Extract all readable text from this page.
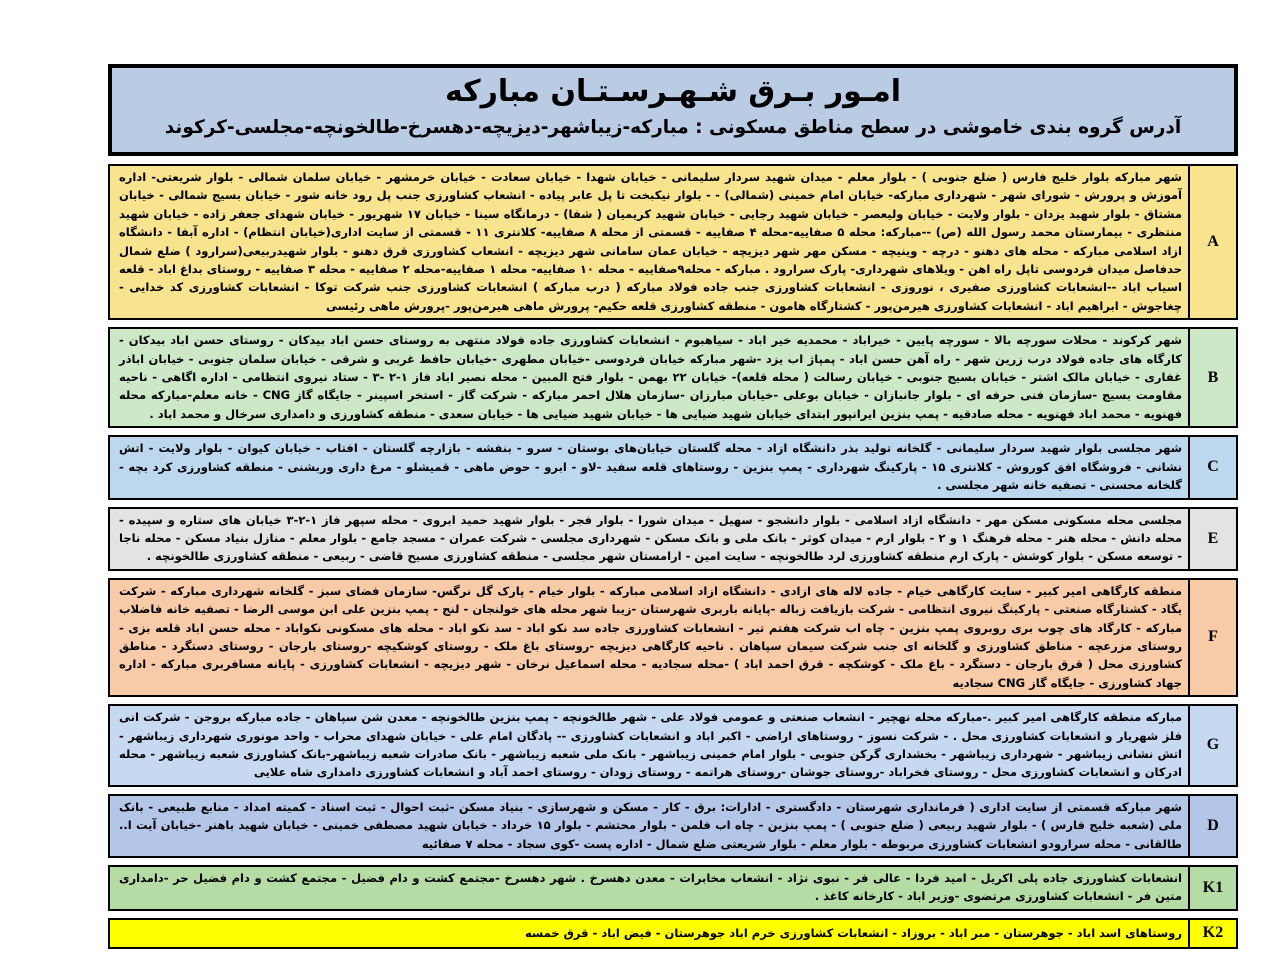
امـور بـرق شـهـرسـتـان مبارکه
آدرس گروه بندی خاموشی در سطح مناطق مسکونی : مبارکه-زیباشهر-دیزیچه-دهسرخ-طالخونچه-مجلسی-کرکوند
A
شهر مبارکه بلوار خلیج فارس ( ضلع جنوبی ) - بلوار معلم - میدان شهید سردار سلیمانی - خیابان شهدا - خیابان سعادت - خیابان خرمشهر - خیابان سلمان شمالی - بلوار شریعتی- اداره آموزش و پرورش - شورای شهر - شهرداری مبارکه- خیابان امام خمینی (شمالی) - - بلوار نیکبخت تا پل عابر پیاده - انشعاب کشاورزی جنب پل رود خانه شور - خیابان بسیج شمالی - خیابان مشتاق - بلوار شهید یزدان - بلوار ولایت - خیابان ولیعصر - خیابان شهید رجایی - خیابان شهید کریمیان ( شفا) - درمانگاه سینا - خیابان ۱۷ شهریور - خیابان شهدای جعفر زاده - خیابان شهید منتظری - بیمارستان محمد رسول الله (ص) --مبارکه: محله ۵ صفاییه-محله ۴ صفاییه - قسمتی از محله ۸ صفاییه- کلانتری ۱۱ - قسمتی از سایت اداری(خیابان انتظام) - اداره آبفا - دانشگاه ازاد اسلامی مبارکه - محله های دهنو - درچه - وینیچه - مسکن مهر شهر دیزیچه - خیابان عمان سامانی شهر دیزیچه - انشعاب کشاورزی قرق دهنو - بلوار شهیدربیعی(سرارود ) ضلع شمال حدفاصل میدان فردوسی تاپل راه اهن - ویلاهای شهرداری- پارک سرارود . مبارکه - محله۹صفاییه - محله ۱۰ صفاییه- محله ۱ صفاییه-محله ۲ صفاییه - محله ۳ صفاییه - روستای بداغ اباد - قلعه اسیاب اباد --انشعابات کشاورزی صفیری ، نوروزی - انشعابات کشاورزی جنب جاده فولاد مبارکه ( درب مبارکه ) انشعابات کشاورزی جنب شرکت توکا - انشعابات کشاورزی کد خدایی - چغاجوش - ابراهیم اباد - انشعابات کشاورزی هیرمن‌پور - کشتارگاه هامون - منطقه کشاورزی قلعه حکیم- پرورش ماهی هیرمن‌پور -پرورش ماهی رئیسی
B
شهر کرکوند - محلات سورچه بالا - سورچه پایین - خیراباد - محمدیه خیر اباد - سیاهبوم - انشعابات کشاورزی جاده فولاد منتهی به روستای حسن اباد بیدکان - روستای حسن اباد بیدکان - کارگاه های جاده فولاد درب زرین شهر - راه آهن حسن اباد - پمپاژ اب یزد -شهر مبارکه خیابان فردوسی -خیابان مطهری -خیابان حافظ غربی و شرقی - خیابان سلمان جنوبی - خیابان اباذر غفاری - خیابان مالک اشتر - خیابان بسیج جنوبی - خیابان رسالت ( محله قلعه)- خیابان ۲۲ بهمن - بلوار فتح المبین - محله نصیر اباد فاز ۱-۲ -۳ - ستاد نیروی انتظامی - اداره اگاهی - ناحیه مقاومت بسیج -سازمان فنی حرفه ای - بلوار جانبازان - خیابان بوعلی -خیابان مبارزان -سازمان هلال احمر مبارکه - شرکت گاز - استخر اسپینر - جایگاه گاز CNG - خانه معلم-مبارکه محله فهنویه - محمد اباد فهنویه - محله صادقیه - پمپ بنزین ایرانپور ابتدای خیابان شهید ضیایی ها - خیابان شهید ضیایی ها - خیابان سعدی - منطقه کشاورزی و دامداری سرخال و محمد اباد .
C
شهر مجلسی بلوار شهید سردار سلیمانی - گلخانه تولید بذر دانشگاه ازاد - محله گلستان خیابان‌های بوستان - سرو - بنفشه - بازارچه گلستان - افتاب - خیابان کیوان - بلوار ولایت - اتش نشانی - فروشگاه افق کوروش - کلانتری ۱۵ - پارکینگ شهرداری - پمپ بنزین - روستاهای قلعه سفید -لاو - ابرو - حوض ماهی - قمیشلو - مرغ داری وربشنی - منطقه کشاورزی کرد بچه - گلخانه محسنی - تصفیه خانه شهر مجلسی .
E
مجلسی محله مسکونی مسکن مهر - دانشگاه ازاد اسلامی - بلوار دانشجو - سهیل - میدان شورا - بلوار فجر - بلوار شهید حمید ابروی - محله سپهر فاز ۱-۲-۳ خیابان های ستاره و سپیده - محله دانش - محله هنر - محله فرهنگ ۱ و ۲ - بلوار ارم - میدان کوثر - بانک ملی و بانک مسکن - شهرداری مجلسی - شرکت عمران - مسجد جامع - بلوار معلم - منازل بنیاد مسکن - محله ناجا - توسعه مسکن - بلوار کوشش - پارک ارم منطقه کشاورزی لرد طالخونچه - سایت امین - ارامستان شهر مجلسی - منطقه کشاورزی مسیح قاضی - ربیعی - منطقه کشاورزی طالخونچه .
F
منطقه کارگاهی امیر کبیر - سایت کارگاهی خیام - جاده لاله های ازادی - دانشگاه ازاد اسلامی مبارکه - بلوار خیام - پارک گل نرگس- سازمان فضای سبز - گلخانه شهرداری مبارکه - شرکت یگاد - کشتارگاه صنعتی - پارکینگ نیروی انتظامی - شرکت بازیافت زباله -پایانه باربری شهرستان -زیبا شهر محله های خولنجان - لنج - پمپ بنزین علی ابن موسی الرضا - تصفیه خانه فاضلاب مبارکه - کارگاد های چوب بری روبروی پمپ بنزین - چاه اب شرکت هفتم تیر - انشعابات کشاورزی جاده سد نکو اباد - سد نکو اباد - محله های مسکونی نکواباد - محله حسن اباد قلعه بزی - روستای مزرعچه - مناطق کشاورزی و گلخانه ای جنب شرکت سیمان سپاهان . ناحیه کارگاهی دیزیچه -روستای باغ ملک - روستای کوشکیچه -روستای بارجان - روستای دستگرد - مناطق کشاورزی محل ( قرق بارجان - دستگرد - باغ ملک - کوشکچه - قرق احمد اباد ) -محله سجادیه - محله اسماعیل نرخان - شهر دیزیچه - انشعابات کشاورزی - پایانه مسافربری مبارکه - اداره جهاد کشاورزی - جایگاه گاز CNG سجادیه
G
مبارکه منطقه کارگاهی امیر کبیر .-مبارکه محله نهچیر - انشعاب صنعتی و عمومی فولاد علی - شهر طالخونچه - پمپ بنزین طالخونچه - معدن شن سپاهان - جاده مبارکه بروجن - شرکت انی فلز شهریار و انشعابات کشاورزی محل . - شرکت نسوز - روستاهای اراضی - اکبر اباد و انشعابات کشاورزی -- پادگان امام علی - خیابان شهدای محراب - واحد مونوری شهرداری زیباشهر - اتش نشانی زیباشهر - شهرداری زیباشهر - بخشداری گرکن جنوبی - بلوار امام خمینی زیباشهر - بانک ملی شعبه زیباشهر - بانک صادرات شعبه زیباشهر-بانک کشاورزی شعبه زیباشهر - محله ادرکان و انشعابات کشاورزی محل - روستای فخراباد -روستای جوشان -روستای هراتمه - روستای زودان - روستای احمد آباد و انشعابات کشاورزی دامداری شاه علایی
D
شهر مبارکه قسمتی از سایت اداری ( فرمانداری شهرستان - دادگستری - ادارات: برق - کار - مسکن و شهرسازی - بنیاد مسکن -ثبت احوال - ثبت اسناد - کمیته امداد - منابع طبیعی - بانک ملی (شعبه خلیج فارس ) - بلوار شهید ربیعی ( ضلع جنوبی ) - پمپ بنزین - چاه اب فلمن - بلوار محتشم - بلوار ۱۵ خرداد - خیابان شهید مصطفی خمینی - خیابان شهید باهنر -خیابان آیت ا.. طالقانی - محله سرارودو انشعابات کشاورزی مربوطه - بلوار معلم - بلوار شریعتی ضلع شمال - اداره پست -کوی سجاد - محله ۷ صفائیه
K1
انشعابات کشاورزی جاده پلی اکریل - امید فردا - عالی فر - نبوی نژاد - انشعاب مخابرات - معدن دهسرخ . شهر دهسرخ -مجتمع کشت و دام فضیل - مجتمع کشت و دام فضیل حر -دامداری متین فر - انشعابات کشاورزی مرتضوی -وزیر اباد - کارخانه کاغذ .
K2
روستاهای اسد اباد - جوهرستان - مبر اباد - بروزاد - انشعابات کشاورزی خرم اباد جوهرستان - فیض اباد - قرق خمسه
